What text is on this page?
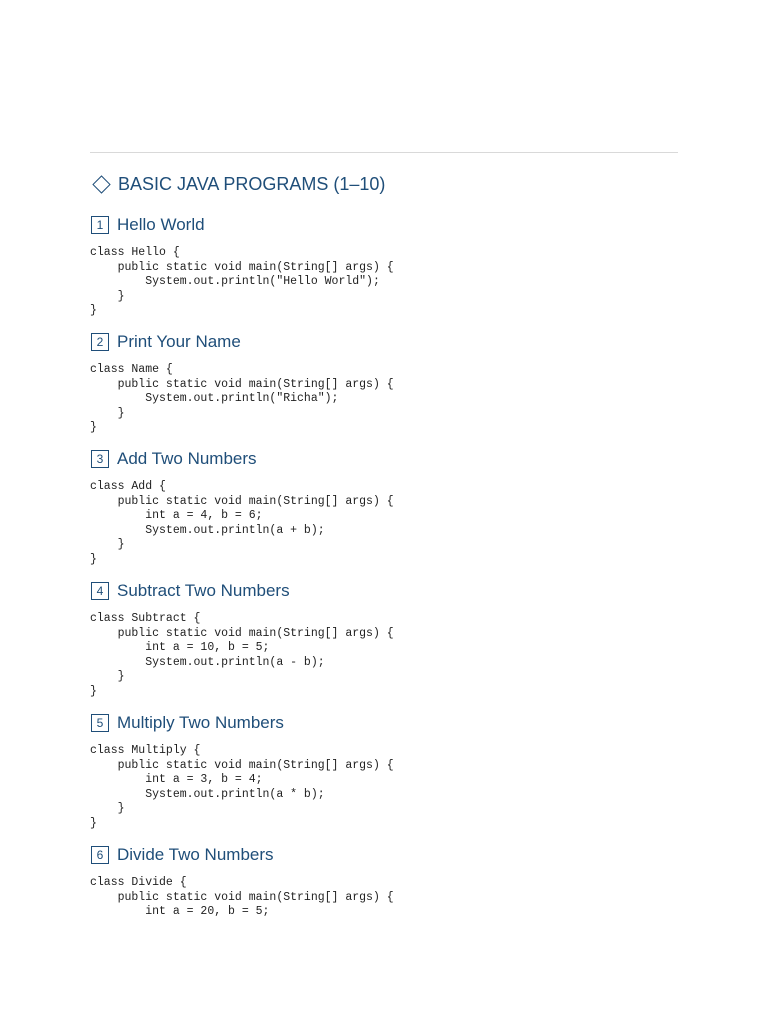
BASIC JAVA PROGRAMS (1–10)
1 Hello World
class Hello {
public static void main(String[] args) {
System.out.println("Hello World");
}
}
2 Print Your Name
class Name {
public static void main(String[] args) {
System.out.println("Richa");
}
}
3 Add Two Numbers
class Add {
public static void main(String[] args) {
int a = 4, b = 6;
System.out.println(a + b);
}
}
4 Subtract Two Numbers
class Subtract {
public static void main(String[] args) {
int a = 10, b = 5;
System.out.println(a - b);
}
}
5 Multiply Two Numbers
class Multiply {
public static void main(String[] args) {
int a = 3, b = 4;
System.out.println(a * b);
}
}
6 Divide Two Numbers
class Divide {
public static void main(String[] args) {
int a = 20, b = 5;
